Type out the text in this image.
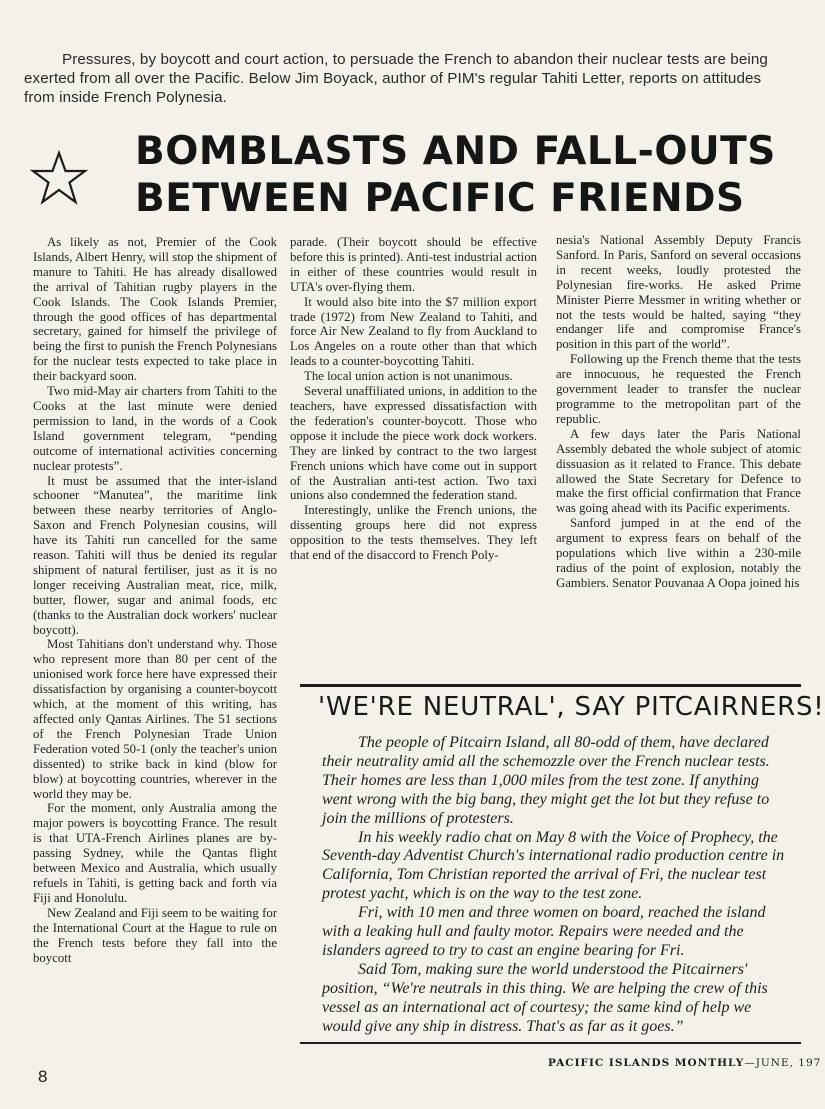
Pressures, by boycott and court action, to persuade the French to abandon their nuclear tests are being exerted from all over the Pacific. Below Jim Boyack, author of PIM's regular Tahiti Letter, reports on attitudes from inside French Polynesia.
BOMBLASTS AND FALL-OUTS
BETWEEN PACIFIC FRIENDS

As likely as not, Premier of the Cook Islands, Albert Henry, will stop the shipment of manure to Tahiti. He has already disallowed the arrival of Tahitian rugby players in the Cook Islands. The Cook Islands Premier, through the good offices of has departmental secretary, gained for himself the privilege of being the first to punish the French Polynesians for the nuclear tests expected to take place in their backyard soon.

Two mid-May air charters from Tahiti to the Cooks at the last minute were denied permission to land, in the words of a Cook Island government telegram, “pending outcome of international activities concerning nuclear protests”.

It must be assumed that the inter-island schooner “Manutea”, the maritime link between these nearby territories of Anglo-Saxon and French Polynesian cousins, will have its Tahiti run cancelled for the same reason. Tahiti will thus be denied its regular shipment of natural fertiliser, just as it is no longer receiving Australian meat, rice, milk, butter, flower, sugar and animal foods, etc (thanks to the Australian dock workers' nuclear boycott).

Most Tahitians don't understand why. Those who represent more than 80 per cent of the unionised work force here have expressed their dissatisfaction by organising a counter-boycott which, at the moment of this writing, has affected only Qantas Airlines. The 51 sections of the French Polynesian Trade Union Federation voted 50-1 (only the teacher's union dissented) to strike back in kind (blow for blow) at boycotting countries, wherever in the world they may be.

For the moment, only Australia among the major powers is boycotting France. The result is that UTA-French Airlines planes are by-passing Sydney, while the Qantas flight between Mexico and Australia, which usually refuels in Tahiti, is getting back and forth via Fiji and Honolulu.

New Zealand and Fiji seem to be waiting for the International Court at the Hague to rule on the French tests before they fall into the boycott

parade. (Their boycott should be effective before this is printed). Anti-test industrial action in either of these countries would result in UTA's over-flying them.

It would also bite into the $7 million export trade (1972) from New Zealand to Tahiti, and force Air New Zealand to fly from Auckland to Los Angeles on a route other than that which leads to a counter-boycotting Tahiti.

The local union action is not unanimous.

Several unaffiliated unions, in addition to the teachers, have expressed dissatisfaction with the federation's counter-boycott. Those who oppose it include the piece work dock workers. They are linked by contract to the two largest French unions which have come out in support of the Australian anti-test action. Two taxi unions also condemned the federation stand.

Interestingly, unlike the French unions, the dissenting groups here did not express opposition to the tests themselves. They left that end of the disaccord to French Poly-

nesia's National Assembly Deputy Francis Sanford. In Paris, Sanford on several occasions in recent weeks, loudly protested the Polynesian fire-works. He asked Prime Minister Pierre Messmer in writing whether or not the tests would be halted, saying “they endanger life and compromise France's position in this part of the world”.

Following up the French theme that the tests are innocuous, he requested the French government leader to transfer the nuclear programme to the metropolitan part of the republic.

A few days later the Paris National Assembly debated the whole subject of atomic dissuasion as it related to France. This debate allowed the State Secretary for Defence to make the first official confirmation that France was going ahead with its Pacific experiments.

Sanford jumped in at the end of the argument to express fears on behalf of the populations which live within a 230-mile radius of the point of explosion, notably the Gambiers. Senator Pouvanaa A Oopa joined his

'WE'RE NEUTRAL', SAY PITCAIRNERS!

The people of Pitcairn Island, all 80-odd of them, have declared their neutrality amid all the schemozzle over the French nuclear tests. Their homes are less than 1,000 miles from the test zone. If anything went wrong with the big bang, they might get the lot but they refuse to join the millions of protesters.

In his weekly radio chat on May 8 with the Voice of Prophecy, the Seventh-day Adventist Church's international radio production centre in California, Tom Christian reported the arrival of Fri, the nuclear test protest yacht, which is on the way to the test zone.

Fri, with 10 men and three women on board, reached the island with a leaking hull and faulty motor. Repairs were needed and the islanders agreed to try to cast an engine bearing for Fri.

Said Tom, making sure the world understood the Pitcairners' position, “We're neutrals in this thing. We are helping the crew of this vessel as an international act of courtesy; the same kind of help we would give any ship in distress. That's as far as it goes.”

PACIFIC ISLANDS MONTHLY—JUNE, 197
8
